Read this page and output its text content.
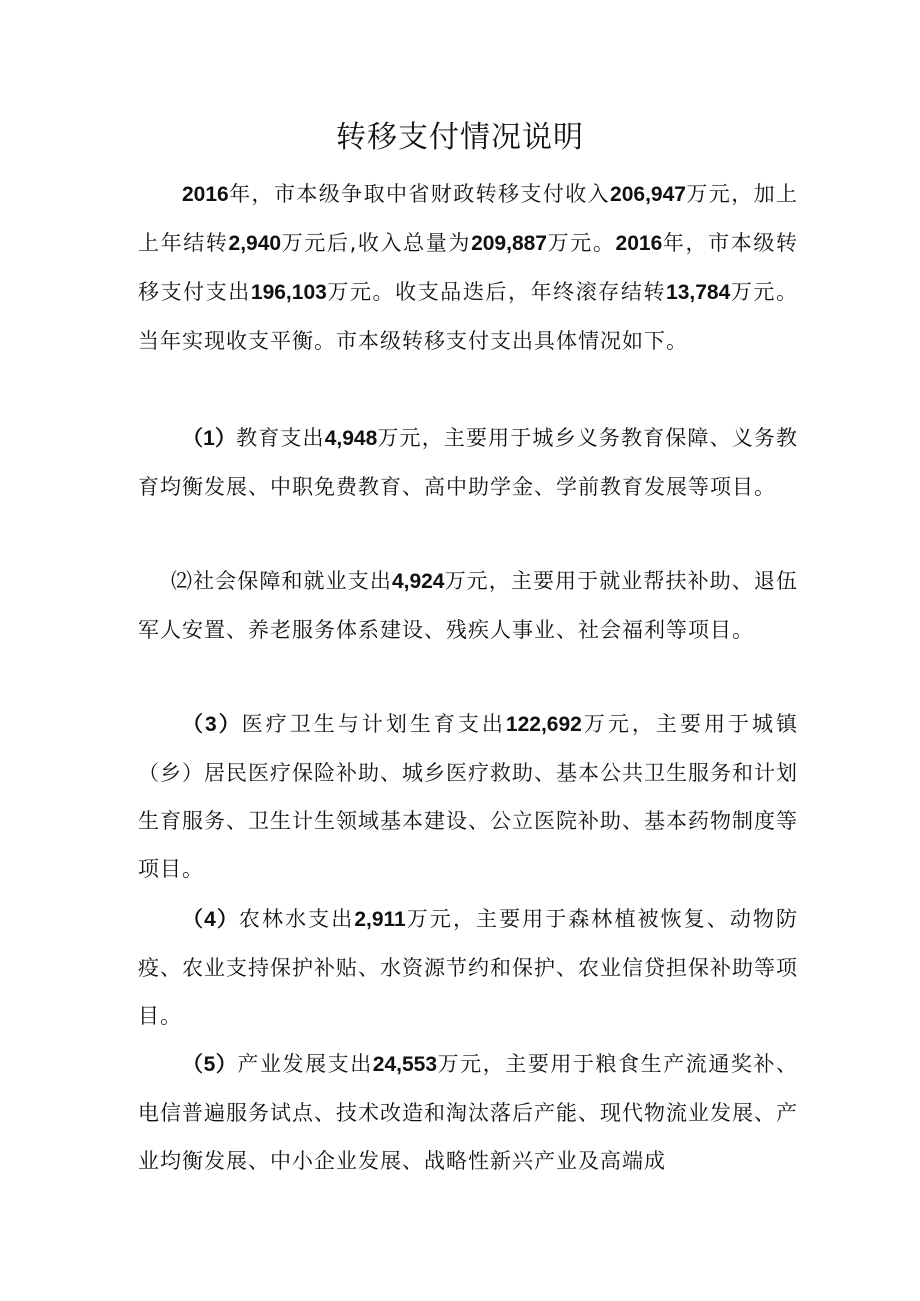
转移支付情况说明

2016年，市本级争取中省财政转移支付收入206,947万元，加上上年结转2,940万元后,收入总量为209,887万元。2016年，市本级转移支付支出196,103万元。收支品迭后，年终滚存结转13,784万元。当年实现收支平衡。市本级转移支付支出具体情况如下。

（1）教育支出4,948万元，主要用于城乡义务教育保障、义务教育均衡发展、中职免费教育、高中助学金、学前教育发展等项目。

⑵社会保障和就业支出4,924万元，主要用于就业帮扶补助、退伍军人安置、养老服务体系建设、残疾人事业、社会福利等项目。

（3）医疗卫生与计划生育支出122,692万元，主要用于城镇（乡）居民医疗保险补助、城乡医疗救助、基本公共卫生服务和计划生育服务、卫生计生领域基本建设、公立医院补助、基本药物制度等项目。

（4）农林水支出2,911万元，主要用于森林植被恢复、动物防疫、农业支持保护补贴、水资源节约和保护、农业信贷担保补助等项目。

（5）产业发展支出24,553万元，主要用于粮食生产流通奖补、电信普遍服务试点、技术改造和淘汰落后产能、现代物流业发展、产业均衡发展、中小企业发展、战略性新兴产业及高端成
